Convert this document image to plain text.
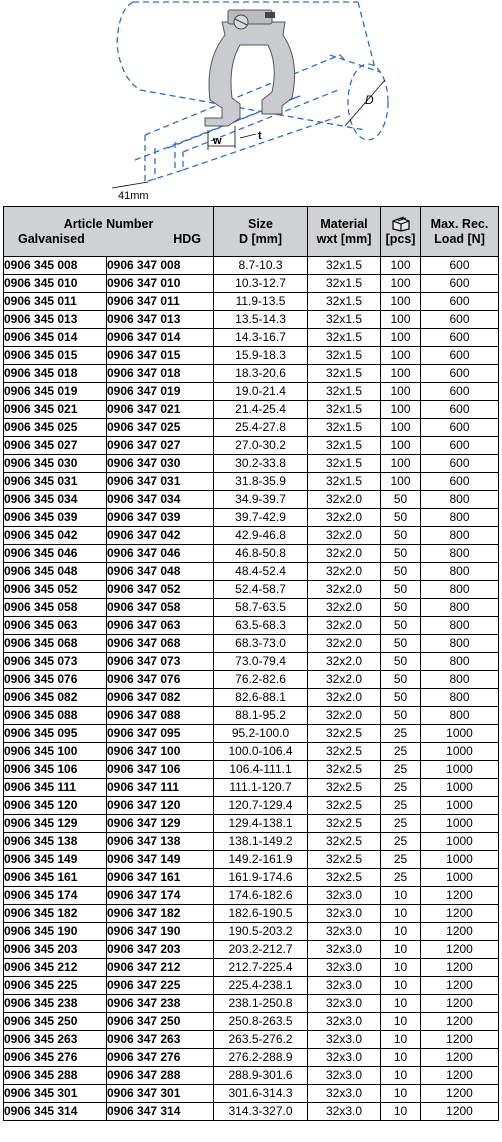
41mm
w	t
D
Article Number
Galvanised HDG		Size
D [mm]	Material
wxt [mm]	[pcs]	Max. Rec.
Load [N]

0906 345 008	0906 347 008	8.7-10.3	32x1.5	100	600
0906 345 010	0906 347 010	10.3-12.7	32x1.5	100	600
0906 345 011	0906 347 011	11.9-13.5	32x1.5	100	600
0906 345 013	0906 347 013	13.5-14.3	32x1.5	100	600
0906 345 014	0906 347 014	14.3-16.7	32x1.5	100	600
0906 345 015	0906 347 015	15.9-18.3	32x1.5	100	600
0906 345 018	0906 347 018	18.3-20.6	32x1.5	100	600
0906 345 019	0906 347 019	19.0-21.4	32x1.5	100	600
0906 345 021	0906 347 021	21.4-25.4	32x1.5	100	600
0906 345 025	0906 347 025	25.4-27.8	32x1.5	100	600
0906 345 027	0906 347 027	27.0-30.2	32x1.5	100	600
0906 345 030	0906 347 030	30.2-33.8	32x1.5	100	600
0906 345 031	0906 347 031	31.8-35.9	32x1.5	100	600
0906 345 034	0906 347 034	34.9-39.7	32x2.0	50	800
0906 345 039	0906 347 039	39.7-42.9	32x2.0	50	800
0906 345 042	0906 347 042	42.9-46.8	32x2.0	50	800
0906 345 046	0906 347 046	46.8-50.8	32x2.0	50	800
0906 345 048	0906 347 048	48.4-52.4	32x2.0	50	800
0906 345 052	0906 347 052	52.4-58.7	32x2.0	50	800
0906 345 058	0906 347 058	58.7-63.5	32x2.0	50	800
0906 345 063	0906 347 063	63.5-68.3	32x2.0	50	800
0906 345 068	0906 347 068	68.3-73.0	32x2.0	50	800
0906 345 073	0906 347 073	73.0-79.4	32x2.0	50	800
0906 345 076	0906 347 076	76.2-82.6	32x2.0	50	800
0906 345 082	0906 347 082	82.6-88.1	32x2.0	50	800
0906 345 088	0906 347 088	88.1-95.2	32x2.0	50	800
0906 345 095	0906 347 095	95.2-100.0	32x2.5	25	1000
0906 345 100	0906 347 100	100.0-106.4	32x2.5	25	1000
0906 345 106	0906 347 106	106.4-111.1	32x2.5	25	1000
0906 345 111	0906 347 111	111.1-120.7	32x2.5	25	1000
0906 345 120	0906 347 120	120.7-129.4	32x2.5	25	1000
0906 345 129	0906 347 129	129.4-138.1	32x2.5	25	1000
0906 345 138	0906 347 138	138.1-149.2	32x2.5	25	1000
0906 345 149	0906 347 149	149.2-161.9	32x2.5	25	1000
0906 345 161	0906 347 161	161.9-174.6	32x2.5	25	1000
0906 345 174	0906 347 174	174.6-182.6	32x3.0	10	1200
0906 345 182	0906 347 182	182.6-190.5	32x3.0	10	1200
0906 345 190	0906 347 190	190.5-203.2	32x3.0	10	1200
0906 345 203	0906 347 203	203.2-212.7	32x3.0	10	1200
0906 345 212	0906 347 212	212.7-225.4	32x3.0	10	1200
0906 345 225	0906 347 225	225.4-238.1	32x3.0	10	1200
0906 345 238	0906 347 238	238.1-250.8	32x3.0	10	1200
0906 345 250	0906 347 250	250.8-263.5	32x3.0	10	1200
0906 345 263	0906 347 263	263.5-276.2	32x3.0	10	1200
0906 345 276	0906 347 276	276.2-288.9	32x3.0	10	1200
0906 345 288	0906 347 288	288.9-301.6	32x3.0	10	1200
0906 345 301	0906 347 301	301.6-314.3	32x3.0	10	1200
0906 345 314	0906 347 314	314.3-327.0	32x3.0	10	1200
